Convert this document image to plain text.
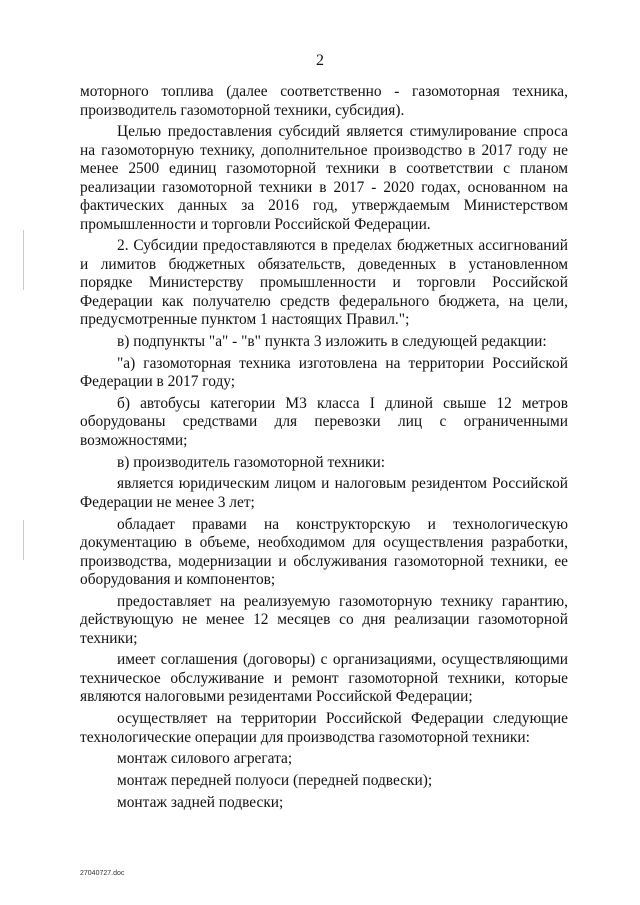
2

моторного топлива (далее соответственно - газомоторная техника, производитель газомоторной техники, субсидия).

Целью предоставления субсидий является стимулирование спроса на газомоторную технику, дополнительное производство в 2017 году не менее 2500 единиц газомоторной техники в соответствии с планом реализации газомоторной техники в 2017 - 2020 годах, основанном на фактических данных за 2016 год, утверждаемым Министерством промышленности и торговли Российской Федерации.

2. Субсидии предоставляются в пределах бюджетных ассигнований и лимитов бюджетных обязательств, доведенных в установленном порядке Министерству промышленности и торговли Российской Федерации как получателю средств федерального бюджета, на цели, предусмотренные пунктом 1 настоящих Правил.";

в) подпункты "а" - "в" пункта 3 изложить в следующей редакции:

"а) газомоторная техника изготовлена на территории Российской Федерации в 2017 году;

б) автобусы категории M3 класса I длиной свыше 12 метров оборудованы средствами для перевозки лиц с ограниченными возможностями;

в) производитель газомоторной техники:

является юридическим лицом и налоговым резидентом Российской Федерации не менее 3 лет;

обладает правами на конструкторскую и технологическую документацию в объеме, необходимом для осуществления разработки, производства, модернизации и обслуживания газомоторной техники, ее оборудования и компонентов;

предоставляет на реализуемую газомоторную технику гарантию, действующую не менее 12 месяцев со дня реализации газомоторной техники;

имеет соглашения (договоры) с организациями, осуществляющими техническое обслуживание и ремонт газомоторной техники, которые являются налоговыми резидентами Российской Федерации;

осуществляет на территории Российской Федерации следующие технологические операции для производства газомоторной техники:

монтаж силового агрегата;

монтаж передней полуоси (передней подвески);

монтаж задней подвески;

27040727.doc
